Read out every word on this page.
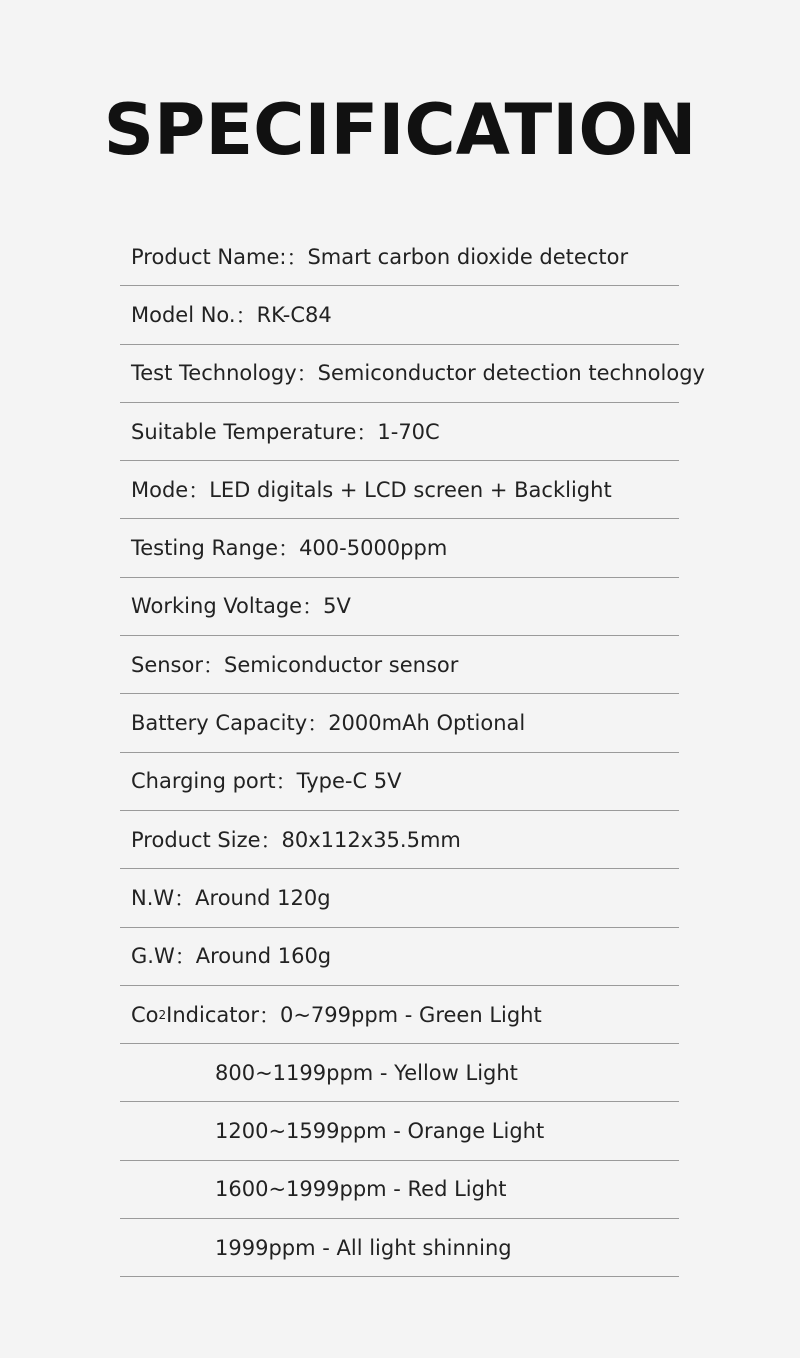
SPECIFICATION
Product Name: ： Smart carbon dioxide detector
Model No. ： RK-C84
Test Technology ： Semiconductor detection technology
Suitable Temperature ： 1-70C
Mode ： LED digitals + LCD screen + Backlight
Testing Range ： 400-5000ppm
Working Voltage ： 5V
Sensor ： Semiconductor sensor
Battery Capacity ： 2000mAh Optional
Charging port ： Type-C 5V
Product Size ： 80x112x35.5mm
N.W ： Around 120g
G.W ： Around 160g
Co 2 Indicator ： 0~799ppm - Green Light
800~1199ppm - Yellow Light
1200~1599ppm - Orange Light
1600~1999ppm - Red Light
1999ppm - All light shinning
